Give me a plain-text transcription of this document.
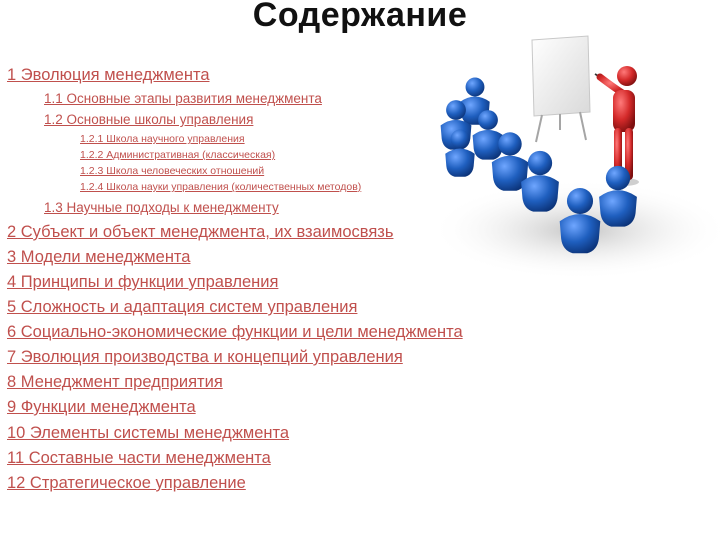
Содержание
1 Эволюция менеджмента
1.1 Основные этапы развития менеджмента
1.2 Основные школы управления
1.2.1 Школа научного управления
1.2.2 Административная (классическая)
1.2.3 Школа человеческих отношений
1.2.4 Школа науки управления (количественных методов)
1.3 Научные подходы к менеджменту
2 Субъект и объект менеджмента, их взаимосвязь
3 Модели менеджмента
4 Принципы и функции управления
5 Сложность и адаптация систем управления
6 Социально-экономические функции и цели менеджмента
7 Эволюция производства и концепций управления
8 Менеджмент предприятия
9 Функции менеджмента
10 Элементы системы менеджмента
11 Составные части менеджмента
12 Стратегическое управление
